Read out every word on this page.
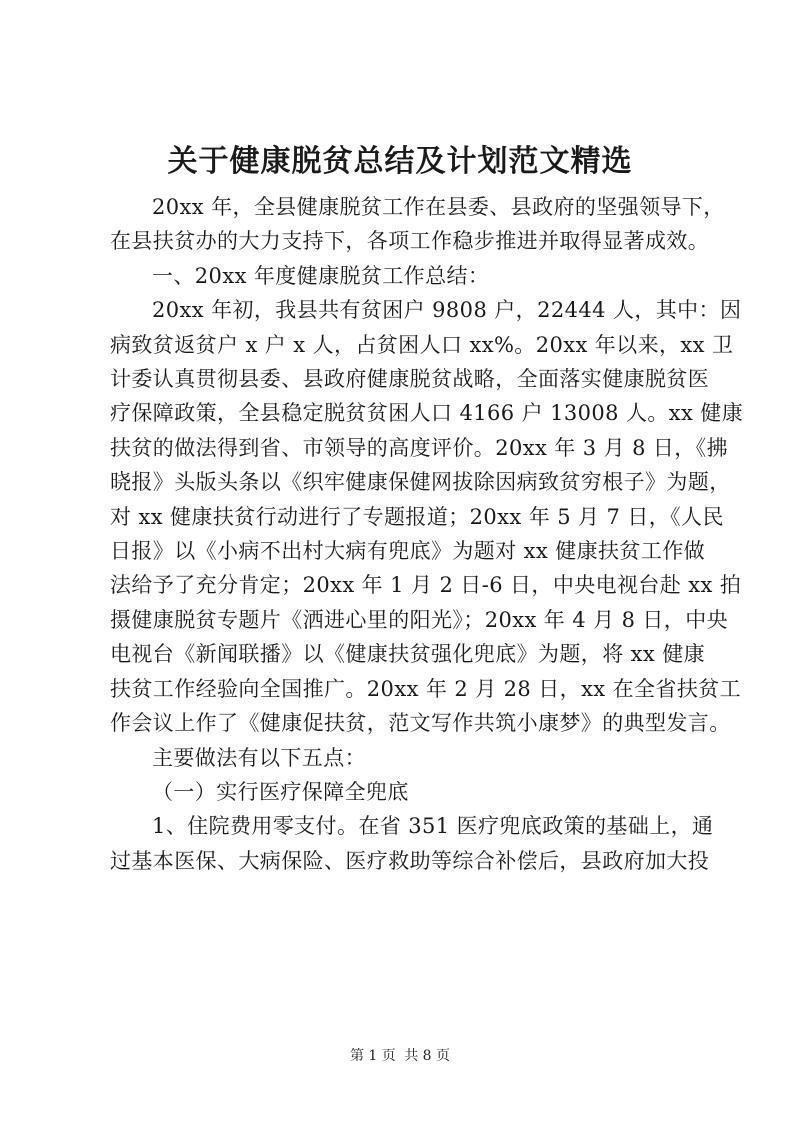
关于健康脱贫总结及计划范文精选

20xx 年，全县健康脱贫工作在县委、县政府的坚强领导下，
在县扶贫办的大力支持下，各项工作稳步推进并取得显著成效。

一、20xx 年度健康脱贫工作总结：

20xx 年初，我县共有贫困户 9808 户，22444 人，其中：因
病致贫返贫户 x 户 x 人，占贫困人口 xx%。20xx 年以来，xx 卫
计委认真贯彻县委、县政府健康脱贫战略，全面落实健康脱贫医
疗保障政策，全县稳定脱贫贫困人口 4166 户 13008 人。xx 健康
扶贫的做法得到省、市领导的高度评价。20xx 年 3 月 8 日，《拂
晓报》头版头条以《织牢健康保健网拔除因病致贫穷根子》为题，
对 xx 健康扶贫行动进行了专题报道；20xx 年 5 月 7 日，《人民
日报》以《小病不出村大病有兜底》为题对 xx 健康扶贫工作做
法给予了充分肯定；20xx 年 1 月 2 日-6 日，中央电视台赴 xx 拍
摄健康脱贫专题片《洒进心里的阳光》；20xx 年 4 月 8 日，中央
电视台《新闻联播》以《健康扶贫强化兜底》为题，将 xx 健康
扶贫工作经验向全国推广。20xx 年 2 月 28 日，xx 在全省扶贫工
作会议上作了《健康促扶贫，范文写作共筑小康梦》的典型发言。

主要做法有以下五点：

（一）实行医疗保障全兜底

1、住院费用零支付。在省 351 医疗兜底政策的基础上，通
过基本医保、大病保险、医疗救助等综合补偿后，县政府加大投

第 1 页 共 8 页
